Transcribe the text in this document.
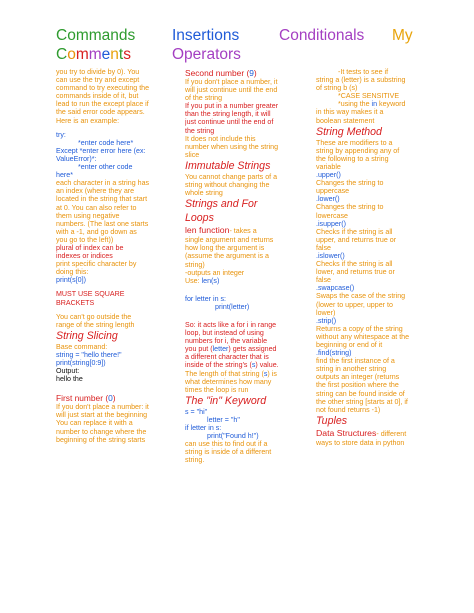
Commands Insertions	Conditionals My
Comments	Operators
you try to divide by 0). You
can use the try and except
command to try executing the
commands inside of it, but
lead to run the except place if
the said error code appears.
Here is an example:
try:
*enter code here*
Except *enter error here (ex:
ValueError)*:
*enter other code
here*
each character in a string has
an index (where they are
located in the string that start
at 0. You can also refer to
them using negative
numbers. (The last one starts
with a -1, and go down as
you go to the left))
plural of index can be
indexes or indices
print specific character by
doing this:
print(s[0])
MUST USE SQUARE
BRACKETS
You can't go outside the
range of the string length
String Slicing
Base command:
string = "hello there!"
print(string[0:9])
Output:
hello the
First number (0)
If you don't place a number: it
will just start at the beginning
You can replace it with a
number to change where the
beginning of the string starts
Second number (9)
If you don't place a number, it
will just continue until the end
of the string
If you put in a number greater
than the string length, it will
just continue until the end of
the string
It does not include this
number when using the string
slice
Immutable Strings
You cannot change parts of a
string without changing the
whole string
Strings and For
Loops
len function- takes a
single argument and returns
how long the argument is
(assume the argument is a
string)
-outputs an integer
Use: len(s)
for letter in s:
print(letter)
So: it acts like a for i in range
loop, but instead of using
numbers for i, the variable
you put (letter) gets assigned
a different character that is
inside of the string's (s) value.
The length of that string (s) is
what determines how many
times the loop is run
The "in" Keyword
s = "hi"
letter = "h"
if letter in s:
print("Found h!")
can use this to find out if a
string is inside of a different
string.
-It tests to see if
string a (letter) is a substring
of string b (s)
*CASE SENSITIVE
*using the in keyword
in this way makes it a
boolean statement
String Method
These are modifiers to a
string by appending any of
the following to a string
variable
.upper()
Changes the string to
uppercase
.lower()
Changes the string to
lowercase
.isupper()
Checks if the string is all
upper, and returns true or
false
.islower()
Checks if the string is all
lower, and returns true or
false
.swapcase()
Swaps the case of the string
(lower to upper, upper to
lower)
.strip()
Returns a copy of the string
without any whitespace at the
beginning or end of it
.find(string)
find the first instance of a
string in another string
outputs an integer (returns
the first position where the
string can be found inside of
the other string [starts at 0], if
not found returns -1)
Tuples
Data Structures- different
ways to store data in python
